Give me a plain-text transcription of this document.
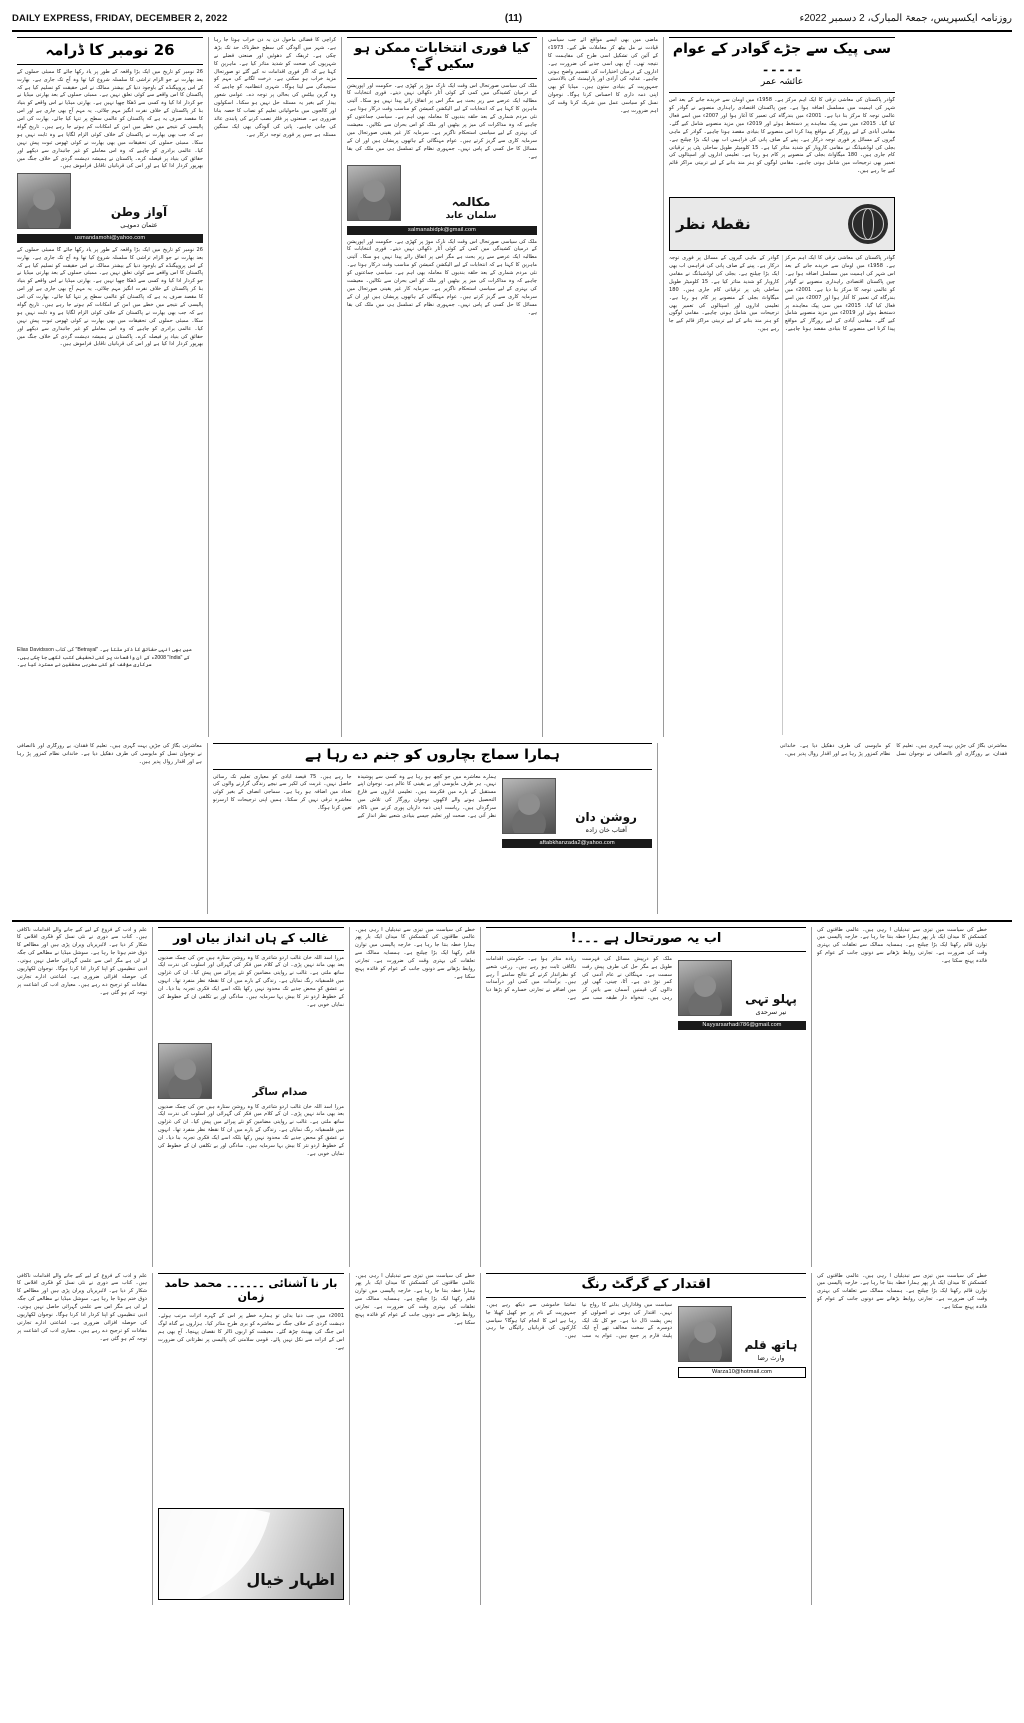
DAILY EXPRESS, FRIDAY, DECEMBER 2, 2022	(11)	روزنامہ ایکسپریس، جمعۃ المبارک، 2 دسمبر 2022ء
26 نومبر کا ڈرامہ
26 نومبر کو تاریخ میں ایک بڑا واقعہ کے طور پر یاد رکھا جائے گا ممبئی حملوں کے بعد بھارت نے جو الزام تراشی کا سلسلہ شروع کیا تھا وہ آج تک جاری ہے۔ بھارت کے اس پروپیگنڈے کے باوجود دنیا کے بیشتر ممالک نے اس حقیقت کو تسلیم کیا ہے کہ پاکستان کا اس واقعے سے کوئی تعلق نہیں ہے۔ ممبئی حملوں کے بعد بھارتی میڈیا نے جو کردار ادا کیا وہ کسی سے ڈھکا چھپا نہیں ہے۔ بھارتی میڈیا نے اس واقعے کو بنیاد بنا کر پاکستان کے خلاف نفرت انگیز مہم چلائی۔ یہ مہم آج بھی جاری ہے اور اس کا مقصد صرف یہ ہے کہ پاکستان کو عالمی سطح پر تنہا کیا جائے۔ بھارت کی اس پالیسی کے نتیجے میں خطے میں امن کے امکانات کم ہوتے جا رہے ہیں۔ تاریخ گواہ ہے کہ جب بھی بھارت نے پاکستان کے خلاف کوئی الزام لگایا ہے وہ ثابت نہیں ہو سکا۔ ممبئی حملوں کی تحقیقات میں بھی بھارت نے کوئی ٹھوس ثبوت پیش نہیں کیا۔ عالمی برادری کو چاہیے کہ وہ اس معاملے کو غیر جانبداری سے دیکھے اور حقائق کی بنیاد پر فیصلہ کرے۔ پاکستان نے ہمیشہ دہشت گردی کے خلاف جنگ میں بھرپور کردار ادا کیا ہے اور اس کی قربانیاں ناقابل فراموش ہیں۔
آواز وطن
عثمان دموہی
usmandamohi@yahoo.com
26 نومبر کو تاریخ میں ایک بڑا واقعہ کے طور پر یاد رکھا جائے گا ممبئی حملوں کے بعد بھارت نے جو الزام تراشی کا سلسلہ شروع کیا تھا وہ آج تک جاری ہے۔ بھارت کے اس پروپیگنڈے کے باوجود دنیا کے بیشتر ممالک نے اس حقیقت کو تسلیم کیا ہے کہ پاکستان کا اس واقعے سے کوئی تعلق نہیں ہے۔ ممبئی حملوں کے بعد بھارتی میڈیا نے جو کردار ادا کیا وہ کسی سے ڈھکا چھپا نہیں ہے۔ بھارتی میڈیا نے اس واقعے کو بنیاد بنا کر پاکستان کے خلاف نفرت انگیز مہم چلائی۔ یہ مہم آج بھی جاری ہے اور اس کا مقصد صرف یہ ہے کہ پاکستان کو عالمی سطح پر تنہا کیا جائے۔ بھارت کی اس پالیسی کے نتیجے میں خطے میں امن کے امکانات کم ہوتے جا رہے ہیں۔ تاریخ گواہ ہے کہ جب بھی بھارت نے پاکستان کے خلاف کوئی الزام لگایا ہے وہ ثابت نہیں ہو سکا۔ ممبئی حملوں کی تحقیقات میں بھی بھارت نے کوئی ٹھوس ثبوت پیش نہیں کیا۔ عالمی برادری کو چاہیے کہ وہ اس معاملے کو غیر جانبداری سے دیکھے اور حقائق کی بنیاد پر فیصلہ کرے۔ پاکستان نے ہمیشہ دہشت گردی کے خلاف جنگ میں بھرپور کردار ادا کیا ہے اور اس کی قربانیاں ناقابل فراموش ہیں۔
Elias Davidsson کی کتاب "Betrayal" میں بھی انہی حقائق کا ذکر ملتا ہے۔ 2008ء کے ان واقعات پر کئی تحقیقی کتب لکھی جا چکی ہیں۔ "India" کے سرکاری مؤقف کو کئی مغربی محققین نے مسترد کیا ہے۔
کراچی کا فضائی ماحول دن بہ دن خراب ہوتا جا رہا ہے۔ شہر میں آلودگی کی سطح خطرناک حد تک بڑھ چکی ہے۔ ٹریفک کے دھوئیں اور صنعتی فضلے نے شہریوں کی صحت کو شدید متاثر کیا ہے۔ ماہرین کا کہنا ہے کہ اگر فوری اقدامات نہ کیے گئے تو صورتحال مزید خراب ہو سکتی ہے۔ درخت لگانے کی مہم کو سنجیدگی سے لینا ہوگا۔ شہری انتظامیہ کو چاہیے کہ وہ گرین بیلٹس کی بحالی پر توجہ دے۔ عوامی شعور بیدار کیے بغیر یہ مسئلہ حل نہیں ہو سکتا۔ اسکولوں اور کالجوں میں ماحولیاتی تعلیم کو نصاب کا حصہ بنانا ضروری ہے۔ صنعتوں پر فلٹر نصب کرنے کی پابندی عائد کی جانی چاہیے۔ پانی کی آلودگی بھی ایک سنگین مسئلہ ہے جس پر فوری توجہ درکار ہے۔
کیا فوری انتخابات ممکن ہو سکیں گے؟
ملک کی سیاسی صورتحال اس وقت ایک نازک موڑ پر کھڑی ہے۔ حکومت اور اپوزیشن کے درمیان کشیدگی میں کمی کے کوئی آثار دکھائی نہیں دیتے۔ فوری انتخابات کا مطالبہ ایک عرصے سے زیر بحث ہے مگر اس پر اتفاق رائے پیدا نہیں ہو سکا۔ آئینی ماہرین کا کہنا ہے کہ انتخابات کے لیے الیکشن کمیشن کو مناسب وقت درکار ہوتا ہے۔ نئی مردم شماری کے بعد حلقہ بندیوں کا معاملہ بھی اہم ہے۔ سیاسی جماعتوں کو چاہیے کہ وہ مذاکرات کی میز پر بیٹھیں اور ملک کو اس بحران سے نکالیں۔ معیشت کی بہتری کے لیے سیاسی استحکام ناگزیر ہے۔ سرمایہ کار غیر یقینی صورتحال میں سرمایہ کاری سے گریز کرتے ہیں۔ عوام مہنگائی کے ہاتھوں پریشان ہیں اور ان کے مسائل کا حل کسی کے پاس نہیں۔ جمہوری نظام کے تسلسل ہی میں ملک کی بقا ہے۔
مکالمہ
سلمان عابد
salmanabidpk@gmail.com
ملک کی سیاسی صورتحال اس وقت ایک نازک موڑ پر کھڑی ہے۔ حکومت اور اپوزیشن کے درمیان کشیدگی میں کمی کے کوئی آثار دکھائی نہیں دیتے۔ فوری انتخابات کا مطالبہ ایک عرصے سے زیر بحث ہے مگر اس پر اتفاق رائے پیدا نہیں ہو سکا۔ آئینی ماہرین کا کہنا ہے کہ انتخابات کے لیے الیکشن کمیشن کو مناسب وقت درکار ہوتا ہے۔ نئی مردم شماری کے بعد حلقہ بندیوں کا معاملہ بھی اہم ہے۔ سیاسی جماعتوں کو چاہیے کہ وہ مذاکرات کی میز پر بیٹھیں اور ملک کو اس بحران سے نکالیں۔ معیشت کی بہتری کے لیے سیاسی استحکام ناگزیر ہے۔ سرمایہ کار غیر یقینی صورتحال میں سرمایہ کاری سے گریز کرتے ہیں۔ عوام مہنگائی کے ہاتھوں پریشان ہیں اور ان کے مسائل کا حل کسی کے پاس نہیں۔ جمہوری نظام کے تسلسل ہی میں ملک کی بقا ہے۔
ماضی میں بھی ایسے مواقع آئے جب سیاسی قیادت نے مل بیٹھ کر معاملات طے کیے۔ 1973ء کے آئین کی تشکیل اسی طرح کی مفاہمت کا نتیجہ تھی۔ آج بھی اسی جذبے کی ضرورت ہے۔ اداروں کے درمیان اختیارات کی تقسیم واضح ہونی چاہیے۔ عدلیہ کی آزادی اور پارلیمنٹ کی بالادستی جمہوریت کے بنیادی ستون ہیں۔ میڈیا کو بھی اپنی ذمہ داری کا احساس کرنا ہوگا۔ نوجوان نسل کو سیاسی عمل میں شریک کرنا وقت کی اہم ضرورت ہے۔
سی پیک سے جڑے گوادر کے عوام ۔۔۔۔۔
عائشہ عمر
گوادر پاکستان کی معاشی ترقی کا ایک اہم مرکز ہے۔ 1958ء میں اومان سے خریدے جانے کے بعد اس شہر کی اہمیت میں مسلسل اضافہ ہوا ہے۔ چین پاکستان اقتصادی راہداری منصوبے نے گوادر کو عالمی توجہ کا مرکز بنا دیا ہے۔ 2001ء میں بندرگاہ کی تعمیر کا آغاز ہوا اور 2007ء میں اسے فعال کیا گیا۔ 2015ء میں سی پیک معاہدے پر دستخط ہوئے اور 2019ء میں مزید منصوبے شامل کیے گئے۔ مقامی آبادی کے لیے روزگار کے مواقع پیدا کرنا اس منصوبے کا بنیادی مقصد ہونا چاہیے۔ گوادر کے ماہی گیروں کے مسائل پر فوری توجہ درکار ہے۔ پینے کے صاف پانی کی فراہمی اب بھی ایک بڑا چیلنج ہے۔ بجلی کی لوڈشیڈنگ نے مقامی کاروبار کو شدید متاثر کیا ہے۔ 15 کلومیٹر طویل ساحلی پٹی پر ترقیاتی کام جاری ہیں۔ 180 میگاواٹ بجلی کے منصوبے پر کام ہو رہا ہے۔ تعلیمی اداروں اور اسپتالوں کی تعمیر بھی ترجیحات میں شامل ہونی چاہیے۔ مقامی لوگوں کو ہنر مند بنانے کے لیے تربیتی مراکز قائم کیے جا رہے ہیں۔
نقطۂ نظر
گوادر پاکستان کی معاشی ترقی کا ایک اہم مرکز ہے۔ 1958ء میں اومان سے خریدے جانے کے بعد اس شہر کی اہمیت میں مسلسل اضافہ ہوا ہے۔ چین پاکستان اقتصادی راہداری منصوبے نے گوادر کو عالمی توجہ کا مرکز بنا دیا ہے۔ 2001ء میں بندرگاہ کی تعمیر کا آغاز ہوا اور 2007ء میں اسے فعال کیا گیا۔ 2015ء میں سی پیک معاہدے پر دستخط ہوئے اور 2019ء میں مزید منصوبے شامل کیے گئے۔ مقامی آبادی کے لیے روزگار کے مواقع پیدا کرنا اس منصوبے کا بنیادی مقصد ہونا چاہیے۔ گوادر کے ماہی گیروں کے مسائل پر فوری توجہ درکار ہے۔ پینے کے صاف پانی کی فراہمی اب بھی ایک بڑا چیلنج ہے۔ بجلی کی لوڈشیڈنگ نے مقامی کاروبار کو شدید متاثر کیا ہے۔ 15 کلومیٹر طویل ساحلی پٹی پر ترقیاتی کام جاری ہیں۔ 180 میگاواٹ بجلی کے منصوبے پر کام ہو رہا ہے۔ تعلیمی اداروں اور اسپتالوں کی تعمیر بھی ترجیحات میں شامل ہونی چاہیے۔ مقامی لوگوں کو ہنر مند بنانے کے لیے تربیتی مراکز قائم کیے جا رہے ہیں۔
معاشرتی بگاڑ کی جڑیں بہت گہری ہیں۔ تعلیم کا فقدان، بے روزگاری اور ناانصافی نے نوجوان نسل کو مایوسی کی طرف دھکیل دیا ہے۔ خاندانی نظام کمزور پڑ رہا ہے اور اقدار زوال پذیر ہیں۔	ہمارا سماج بچاروں کو جنم دے رہا ہے
ہمارے معاشرے میں جو کچھ ہو رہا ہے وہ کسی سے پوشیدہ نہیں۔ ہر طرف مایوسی اور بے یقینی کا عالم ہے۔ نوجوان اپنے مستقبل کے بارے میں فکرمند ہیں۔ تعلیمی اداروں سے فارغ التحصیل ہونے والے لاکھوں نوجوان روزگار کی تلاش میں سرگرداں ہیں۔ ریاست اپنی ذمہ داریاں پوری کرنے میں ناکام نظر آتی ہے۔ صحت اور تعلیم جیسے بنیادی شعبے نظر انداز کیے جا رہے ہیں۔ 75 فیصد آبادی کو معیاری تعلیم تک رسائی حاصل نہیں۔ غربت کی لکیر سے نیچے زندگی گزارنے والوں کی تعداد میں اضافہ ہو رہا ہے۔ سماجی انصاف کے بغیر کوئی معاشرہ ترقی نہیں کر سکتا۔ ہمیں اپنی ترجیحات کا ازسرنو تعین کرنا ہوگا۔
روشن دان
آفتاب خان زادہ
aftabkhanzada2@yahoo.com
معاشرتی بگاڑ کی جڑیں بہت گہری ہیں۔ تعلیم کا فقدان، بے روزگاری اور ناانصافی نے نوجوان نسل کو مایوسی کی طرف دھکیل دیا ہے۔ خاندانی نظام کمزور پڑ رہا ہے اور اقدار زوال پذیر ہیں۔
علم و ادب کے فروغ کے لیے کیے جانے والے اقدامات ناکافی ہیں۔ کتاب سے دوری نے نئی نسل کو فکری افلاس کا شکار کر دیا ہے۔ لائبریریاں ویران پڑی ہیں اور مطالعے کا ذوق ختم ہوتا جا رہا ہے۔ سوشل میڈیا نے مطالعے کی جگہ لے لی ہے مگر اس سے علمی گہرائی حاصل نہیں ہوتی۔ ادبی تنظیموں کو اپنا کردار ادا کرنا ہوگا۔ نوجوان لکھاریوں کی حوصلہ افزائی ضروری ہے۔ اشاعتی ادارے تجارتی مفادات کو ترجیح دے رہے ہیں۔ معیاری ادب کی اشاعت پر توجہ کم ہو گئی ہے۔
غالب کے ہاں انداز بیاں اور
مرزا اسد اللہ خان غالب اردو شاعری کا وہ روشن ستارہ ہیں جن کی چمک صدیوں بعد بھی ماند نہیں پڑی۔ ان کے کلام میں فکر کی گہرائی اور اسلوب کی ندرت ایک ساتھ ملتی ہے۔ غالب نے روایتی مضامین کو نئے پیرائے میں پیش کیا۔ ان کی غزلوں میں فلسفیانہ رنگ نمایاں ہے۔ زندگی کے بارے میں ان کا نقطۂ نظر منفرد تھا۔ انہوں نے عشق کو محض جذبے تک محدود نہیں رکھا بلکہ اسے ایک فکری تجربہ بنا دیا۔ ان کے خطوط اردو نثر کا بیش بہا سرمایہ ہیں۔ سادگی اور بے تکلفی ان کے خطوط کی نمایاں خوبی ہے۔
صدام ساگر
مرزا اسد اللہ خان غالب اردو شاعری کا وہ روشن ستارہ ہیں جن کی چمک صدیوں بعد بھی ماند نہیں پڑی۔ ان کے کلام میں فکر کی گہرائی اور اسلوب کی ندرت ایک ساتھ ملتی ہے۔ غالب نے روایتی مضامین کو نئے پیرائے میں پیش کیا۔ ان کی غزلوں میں فلسفیانہ رنگ نمایاں ہے۔ زندگی کے بارے میں ان کا نقطۂ نظر منفرد تھا۔ انہوں نے عشق کو محض جذبے تک محدود نہیں رکھا بلکہ اسے ایک فکری تجربہ بنا دیا۔ ان کے خطوط اردو نثر کا بیش بہا سرمایہ ہیں۔ سادگی اور بے تکلفی ان کے خطوط کی نمایاں خوبی ہے۔
خطے کی سیاست میں تیزی سے تبدیلیاں آ رہی ہیں۔ عالمی طاقتوں کی کشمکش کا میدان ایک بار پھر ہمارا خطہ بنتا جا رہا ہے۔ خارجہ پالیسی میں توازن قائم رکھنا ایک بڑا چیلنج ہے۔ ہمسایہ ممالک سے تعلقات کی بہتری وقت کی ضرورت ہے۔ تجارتی روابط بڑھانے سے دونوں جانب کے عوام کو فائدہ پہنچ سکتا ہے۔
اب یہ صورتحال ہے ۔۔۔!
ملک کو درپیش مسائل کی فہرست طویل ہے مگر حل کی طرف پیش رفت سست ہے۔ مہنگائی نے عام آدمی کی کمر توڑ دی ہے۔ آٹا، چینی، گھی اور دالوں کی قیمتیں آسمان سے باتیں کر رہی ہیں۔ تنخواہ دار طبقہ سب سے زیادہ متاثر ہوا ہے۔ حکومتی اقدامات ناکافی ثابت ہو رہے ہیں۔ زرعی شعبے کو نظرانداز کرنے کے نتائج سامنے آ رہے ہیں۔ برآمدات میں کمی اور درآمدات میں اضافے نے تجارتی خسارے کو بڑھا دیا ہے۔	پہلو تہی
نیر سرحدی
Nayyarsarhadi786@gmail.com
خطے کی سیاست میں تیزی سے تبدیلیاں آ رہی ہیں۔ عالمی طاقتوں کی کشمکش کا میدان ایک بار پھر ہمارا خطہ بنتا جا رہا ہے۔ خارجہ پالیسی میں توازن قائم رکھنا ایک بڑا چیلنج ہے۔ ہمسایہ ممالک سے تعلقات کی بہتری وقت کی ضرورت ہے۔ تجارتی روابط بڑھانے سے دونوں جانب کے عوام کو فائدہ پہنچ سکتا ہے۔
علم و ادب کے فروغ کے لیے کیے جانے والے اقدامات ناکافی ہیں۔ کتاب سے دوری نے نئی نسل کو فکری افلاس کا شکار کر دیا ہے۔ لائبریریاں ویران پڑی ہیں اور مطالعے کا ذوق ختم ہوتا جا رہا ہے۔ سوشل میڈیا نے مطالعے کی جگہ لے لی ہے مگر اس سے علمی گہرائی حاصل نہیں ہوتی۔ ادبی تنظیموں کو اپنا کردار ادا کرنا ہوگا۔ نوجوان لکھاریوں کی حوصلہ افزائی ضروری ہے۔ اشاعتی ادارے تجارتی مفادات کو ترجیح دے رہے ہیں۔ معیاری ادب کی اشاعت پر توجہ کم ہو گئی ہے۔
بار نا آشنائی ۔۔۔۔۔۔ محمد حامد زمان
2001ء میں جب دنیا بدلی تو ہمارے خطے پر اس کے گہرے اثرات مرتب ہوئے۔ دہشت گردی کے خلاف جنگ نے معاشرے کو بری طرح متاثر کیا۔ ہزاروں بے گناہ لوگ اس جنگ کی بھینٹ چڑھ گئے۔ معیشت کو اربوں ڈالر کا نقصان پہنچا۔ آج بھی ہم اس کے اثرات سے نکل نہیں پائے۔ قومی سلامتی کی پالیسی پر نظرثانی کی ضرورت ہے۔
اظہار خیال
خطے کی سیاست میں تیزی سے تبدیلیاں آ رہی ہیں۔ عالمی طاقتوں کی کشمکش کا میدان ایک بار پھر ہمارا خطہ بنتا جا رہا ہے۔ خارجہ پالیسی میں توازن قائم رکھنا ایک بڑا چیلنج ہے۔ ہمسایہ ممالک سے تعلقات کی بہتری وقت کی ضرورت ہے۔ تجارتی روابط بڑھانے سے دونوں جانب کے عوام کو فائدہ پہنچ سکتا ہے۔
اقتدار کے گرگٹ رنگ
سیاست میں وفاداریاں بدلنے کا رواج نیا نہیں۔ اقتدار کی ہوس نے اصولوں کو پس پشت ڈال دیا ہے۔ جو کل تک ایک دوسرے کے سخت مخالف تھے آج ایک پلیٹ فارم پر جمع ہیں۔ عوام یہ سب تماشا خاموشی سے دیکھ رہے ہیں۔ جمہوریت کے نام پر جو کھیل کھیلا جا رہا ہے اس کا انجام کیا ہوگا؟ سیاسی کارکنوں کی قربانیاں رائیگاں جا رہی ہیں۔
ہاتھ قلم
وارث رضا
Warza10@hotmail.com
خطے کی سیاست میں تیزی سے تبدیلیاں آ رہی ہیں۔ عالمی طاقتوں کی کشمکش کا میدان ایک بار پھر ہمارا خطہ بنتا جا رہا ہے۔ خارجہ پالیسی میں توازن قائم رکھنا ایک بڑا چیلنج ہے۔ ہمسایہ ممالک سے تعلقات کی بہتری وقت کی ضرورت ہے۔ تجارتی روابط بڑھانے سے دونوں جانب کے عوام کو فائدہ پہنچ سکتا ہے۔
